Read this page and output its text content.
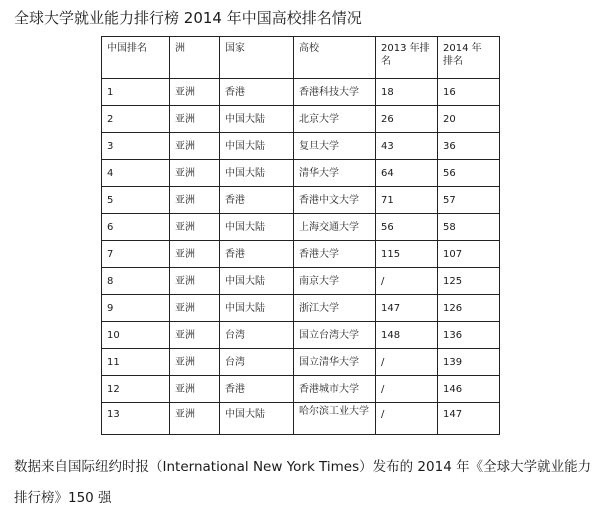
全球大学就业能力排行榜 2014 年中国高校排名情况
中国排名	洲	国家	高校	2013 年排名	2014 年 排名
1	亚洲	香港	香港科技大学	18	16
2	亚洲	中国大陆	北京大学	26	20
3	亚洲	中国大陆	复旦大学	43	36
4	亚洲	中国大陆	清华大学	64	56
5	亚洲	香港	香港中文大学	71	57
6	亚洲	中国大陆	上海交通大学	56	58
7	亚洲	香港	香港大学	115	107
8	亚洲	中国大陆	南京大学	/	125
9	亚洲	中国大陆	浙江大学	147	126
10	亚洲	台湾	国立台湾大学	148	136
11	亚洲	台湾	国立清华大学	/	139
12	亚洲	香港	香港城市大学	/	146
13	亚洲	中国大陆	哈尔滨工业大学	/	147
数据来自国际纽约时报（International New York Times）发布的 2014 年《全球大学就业能力排行榜》150 强
